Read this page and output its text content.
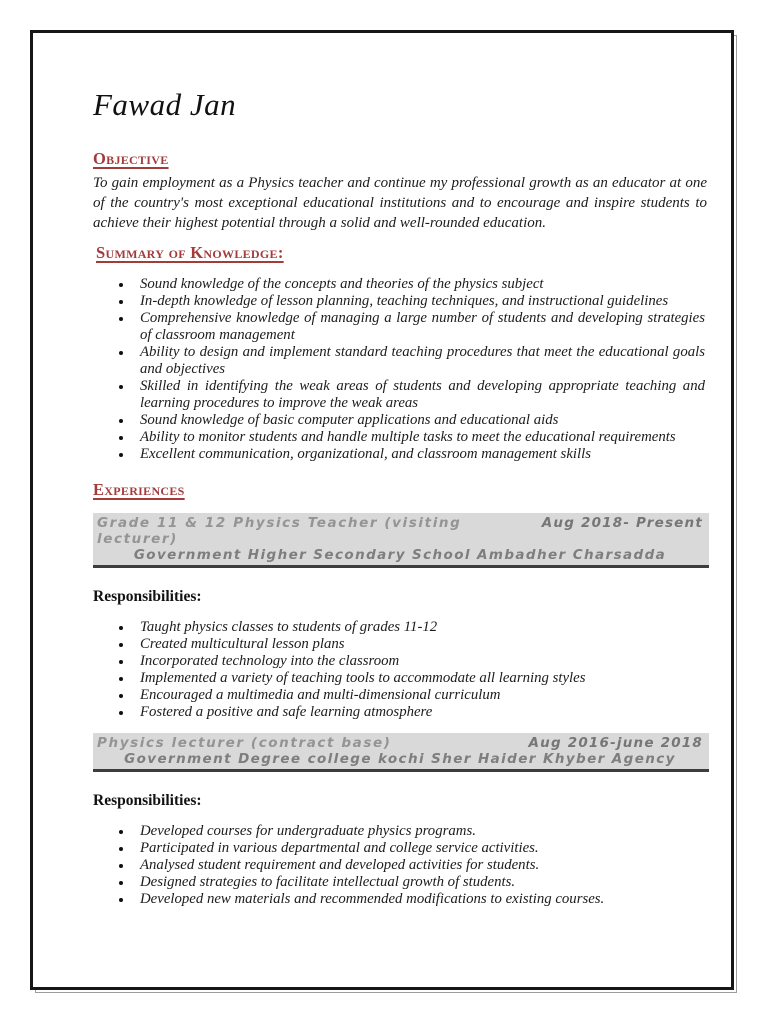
Fawad Jan
Objective

To gain employment as a Physics teacher and continue my professional growth as an educator at one of the country's most exceptional educational institutions and to encourage and inspire students to achieve their highest potential through a solid and well-rounded education.

Summary of Knowledge:
Sound knowledge of the concepts and theories of the physics subject
In-depth knowledge of lesson planning, teaching techniques, and instructional guidelines
Comprehensive knowledge of managing a large number of students and developing strategies of classroom management
Ability to design and implement standard teaching procedures that meet the educational goals and objectives
Skilled in identifying the weak areas of students and developing appropriate teaching and learning procedures to improve the weak areas
Sound knowledge of basic computer applications and educational aids
Ability to monitor students and handle multiple tasks to meet the educational requirements
Excellent communication, organizational, and classroom management skills
Experiences
Grade 11 & 12 Physics Teacher (visiting lecturer)
Aug 2018- Present
Government Higher Secondary School Ambadher Charsadda

Responsibilities:

Taught physics classes to students of grades 11-12
Created multicultural lesson plans
Incorporated technology into the classroom
Implemented a variety of teaching tools to accommodate all learning styles
Encouraged a multimedia and multi-dimensional curriculum
Fostered a positive and safe learning atmosphere
Physics lecturer (contract base)	Aug 2016-june 2018
Government Degree college kochi Sher Haider Khyber Agency

Responsibilities:

Developed courses for undergraduate physics programs.
Participated in various departmental and college service activities.
Analysed student requirement and developed activities for students.
Designed strategies to facilitate intellectual growth of students.
Developed new materials and recommended modifications to existing courses.
